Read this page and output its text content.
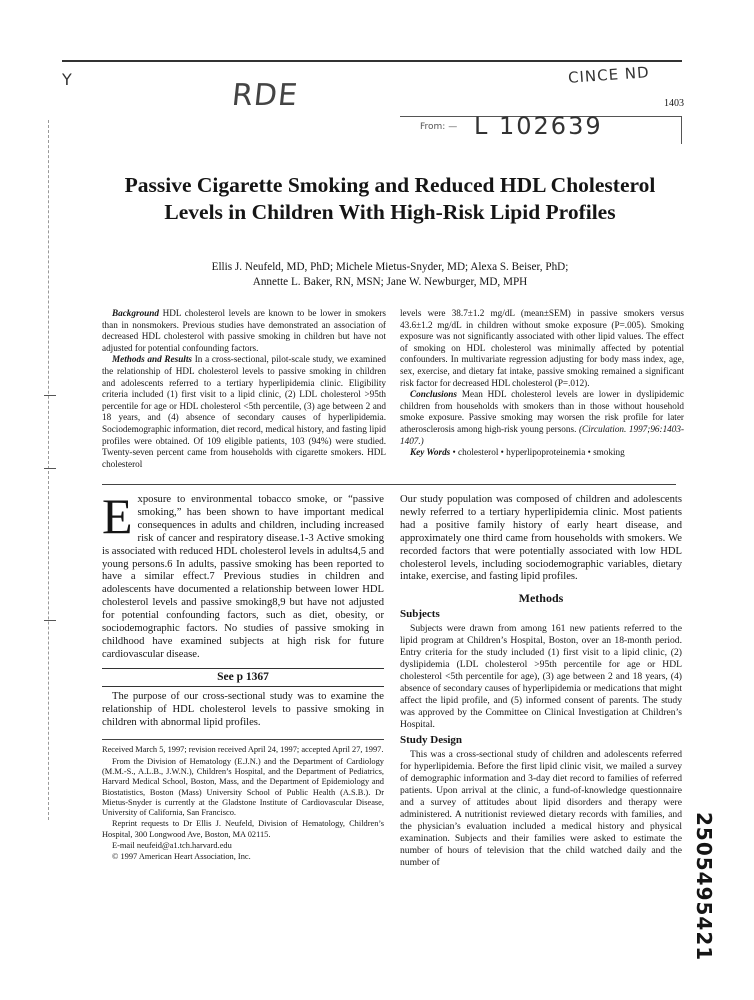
Y	RDE
CINCE ND
1403
From: — L 102639
2505495421
Passive Cigarette Smoking and Reduced HDL Cholesterol Levels in Children With High-Risk Lipid Profiles
Ellis J. Neufeld, MD, PhD; Michele Mietus-Snyder, MD; Alexa S. Beiser, PhD;
Annette L. Baker, RN, MSN; Jane W. Newburger, MD, MPH

Background HDL cholesterol levels are known to be lower in smokers than in nonsmokers. Previous studies have demonstrated an association of decreased HDL cholesterol with passive smoking in children but have not adjusted for potential confounding factors.

Methods and Results In a cross-sectional, pilot-scale study, we examined the relationship of HDL cholesterol levels to passive smoking in children and adolescents referred to a tertiary hyperlipidemia clinic. Eligibility criteria included (1) first visit to a lipid clinic, (2) LDL cholesterol >95th percentile for age or HDL cholesterol <5th percentile, (3) age between 2 and 18 years, and (4) absence of secondary causes of hyperlipidemia. Sociodemographic information, diet record, medical history, and fasting lipid profiles were obtained. Of 109 eligible patients, 103 (94%) were studied. Twenty-seven percent came from households with cigarette smokers. HDL cholesterol

levels were 38.7±1.2 mg/dL (mean±SEM) in passive smokers versus 43.6±1.2 mg/dL in children without smoke exposure (P=.005). Smoking exposure was not significantly associated with other lipid values. The effect of smoking on HDL cholesterol was minimally affected by potential confounders. In multivariate regression adjusting for body mass index, age, sex, exercise, and dietary fat intake, passive smoking remained a significant risk factor for decreased HDL cholesterol (P=.012).

Conclusions Mean HDL cholesterol levels are lower in dyslipidemic children from households with smokers than in those without household smoke exposure. Passive smoking may worsen the risk profile for later atherosclerosis among high-risk young persons. (Circulation. 1997;96:1403-1407.)

Key Words • cholesterol • hyperlipoproteinemia • smoking

Exposure to environmental tobacco smoke, or “passive smoking,” has been shown to have important medical consequences in adults and children, including increased risk of cancer and respiratory disease.1-3 Active smoking is associated with reduced HDL cholesterol levels in adults4,5 and young persons.6 In adults, passive smoking has been reported to have a similar effect.7 Previous studies in children and adolescents have documented a relationship between lower HDL cholesterol levels and passive smoking8,9 but have not adjusted for potential confounding factors, such as diet, obesity, or sociodemographic factors. No studies of passive smoking in childhood have examined subjects at high risk for future cardiovascular disease.

See p 1367

The purpose of our cross-sectional study was to examine the relationship of HDL cholesterol levels to passive smoking in children with abnormal lipid profiles.

Received March 5, 1997; revision received April 24, 1997; accepted April 27, 1997.

From the Division of Hematology (E.J.N.) and the Department of Cardiology (M.M.-S., A.L.B., J.W.N.), Children’s Hospital, and the Department of Pediatrics, Harvard Medical School, Boston, Mass, and the Department of Epidemiology and Biostatistics, Boston (Mass) University School of Public Health (A.S.B.). Dr Mietus-Snyder is currently at the Gladstone Institute of Cardiovascular Disease, University of California, San Francisco.

Reprint requests to Dr Ellis J. Neufeld, Division of Hematology, Children’s Hospital, 300 Longwood Ave, Boston, MA 02115.

E-mail neufeid@a1.tch.harvard.edu

© 1997 American Heart Association, Inc.

Our study population was composed of children and adolescents newly referred to a tertiary hyperlipidemia clinic. Most patients had a positive family history of early heart disease, and approximately one third came from households with smokers. We recorded factors that were potentially associated with low HDL cholesterol levels, including sociodemographic variables, dietary intake, exercise, and fasting lipid profiles.

Methods
Subjects

Subjects were drawn from among 161 new patients referred to the lipid program at Children’s Hospital, Boston, over an 18-month period. Entry criteria for the study included (1) first visit to a lipid clinic, (2) dyslipidemia (LDL cholesterol >95th percentile for age or HDL cholesterol <5th percentile for age), (3) age between 2 and 18 years, (4) absence of secondary causes of hyperlipidemia or medications that might affect the lipid profile, and (5) informed consent of parents. The study was approved by the Committee on Clinical Investigation at Children’s Hospital.

Study Design

This was a cross-sectional study of children and adolescents referred for hyperlipidemia. Before the first lipid clinic visit, we mailed a survey of demographic information and 3-day diet record to families of referred patients. Upon arrival at the clinic, a fund-of-knowledge questionnaire and a survey of attitudes about lipid disorders and therapy were administered. A nutritionist reviewed dietary records with families, and the physician’s evaluation included a medical history and physical examination. Subjects and their families were asked to estimate the number of hours of television that the child watched daily and the number of
